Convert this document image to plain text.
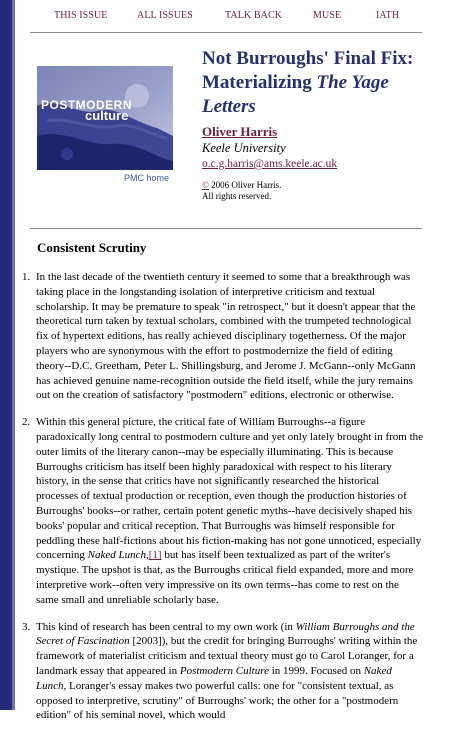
THIS ISSUE	ALL ISSUES	TALK BACK	MUSE	IATH
POSTMODERN
culture
PMC home
Not Burroughs' Final Fix: Materializing The Yage Letters
Oliver Harris
Keele University
o.c.g.harris@ams.keele.ac.uk
© 2006 Oliver Harris.
All rights reserved.
Consistent Scrutiny
1. In the last decade of the twentieth century it seemed to some that a breakthrough was taking place in the longstanding isolation of interpretive criticism and textual scholarship. It may be premature to speak "in retrospect," but it doesn't appear that the theoretical turn taken by textual scholars, combined with the trumpeted technological fix of hypertext editions, has really achieved disciplinary togetherness. Of the major players who are synonymous with the effort to postmodernize the field of editing theory--D.C. Greetham, Peter L. Shillingsburg, and Jerome J. McGann--only McGann has achieved genuine name-recognition outside the field itself, while the jury remains out on the creation of satisfactory "postmodern" editions, electronic or otherwise.
2. Within this general picture, the critical fate of William Burroughs--a figure paradoxically long central to postmodern culture and yet only lately brought in from the outer limits of the literary canon--may be especially illuminating. This is because Burroughs criticism has itself been highly paradoxical with respect to his literary history, in the sense that critics have not significantly researched the historical processes of textual production or reception, even though the production histories of Burroughs' books--or rather, certain potent genetic myths--have decisively shaped his books' popular and critical reception. That Burroughs was himself responsible for peddling these half-fictions about his fiction-making has not gone unnoticed, especially concerning Naked Lunch,[1] but has itself been textualized as part of the writer's mystique. The upshot is that, as the Burroughs critical field expanded, more and more interpretive work--often very impressive on its own terms--has come to rest on the same small and unreliable scholarly base.
3. This kind of research has been central to my own work (in William Burroughs and the Secret of Fascination [2003]), but the credit for bringing Burroughs' writing within the framework of materialist criticism and textual theory must go to Carol Loranger, for a landmark essay that appeared in Postmodern Culture in 1999. Focused on Naked Lunch, Loranger's essay makes two powerful calls: one for "consistent textual, as opposed to interpretive, scrutiny" of Burroughs' work; the other for a "postmodern edition" of his seminal novel, which would
